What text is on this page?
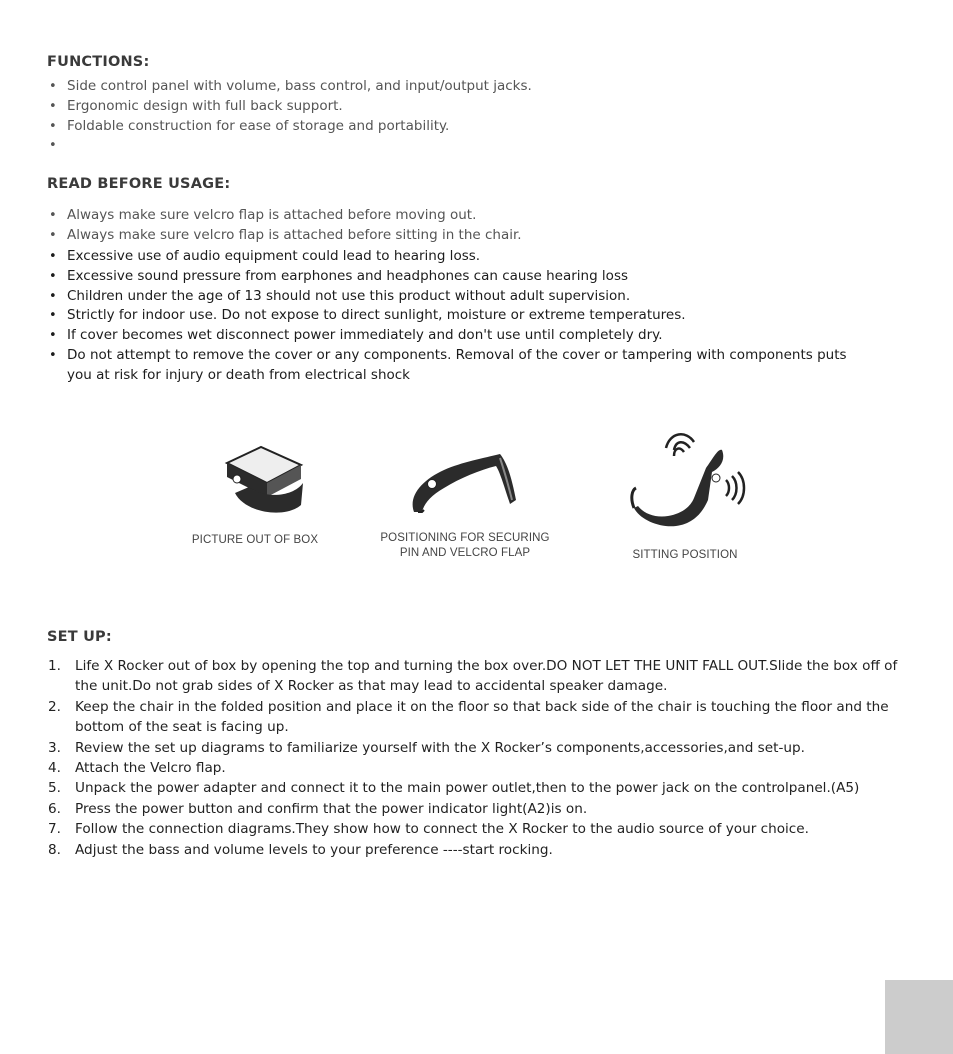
FUNCTIONS:
• Side control panel with volume, bass control, and input/output jacks.
• Ergonomic design with full back support.
• Foldable construction for ease of storage and portability.
•
READ BEFORE USAGE:
• Always make sure velcro flap is attached before moving out.
• Always make sure velcro flap is attached before sitting in the chair.
• Excessive use of audio equipment could lead to hearing loss.
• Excessive sound pressure from earphones and headphones can cause hearing loss
• Children under the age of 13 should not use this product without adult supervision.
• Strictly for indoor use. Do not expose to direct sunlight, moisture or extreme temperatures.
• If cover becomes wet disconnect power immediately and don't use until completely dry.
• Do not attempt to remove the cover or any components. Removal of the cover or tampering with components puts you at risk for injury or death from electrical shock
PICTURE OUT OF BOX	POSITIONING FOR SECURING PIN AND VELCRO FLAP	SITTING POSITION
SET UP:
1. Life X Rocker out of box by opening the top and turning the box over.DO NOT LET THE UNIT FALL OUT.Slide the box off of the unit.Do not grab sides of X Rocker as that may lead to accidental speaker damage.
2. Keep the chair in the folded position and place it on the floor so that back side of the chair is touching the floor and the bottom of the seat is facing up.
3. Review the set up diagrams to familiarize yourself with the X Rocker’s components,accessories,and set-up.
4. Attach the Velcro flap.
5. Unpack the power adapter and connect it to the main power outlet,then to the power jack on the controlpanel.(A5)
6. Press the power button and confirm that the power indicator light(A2)is on.
7. Follow the connection diagrams.They show how to connect the X Rocker to the audio source of your choice.
8. Adjust the bass and volume levels to your preference ----start rocking.
